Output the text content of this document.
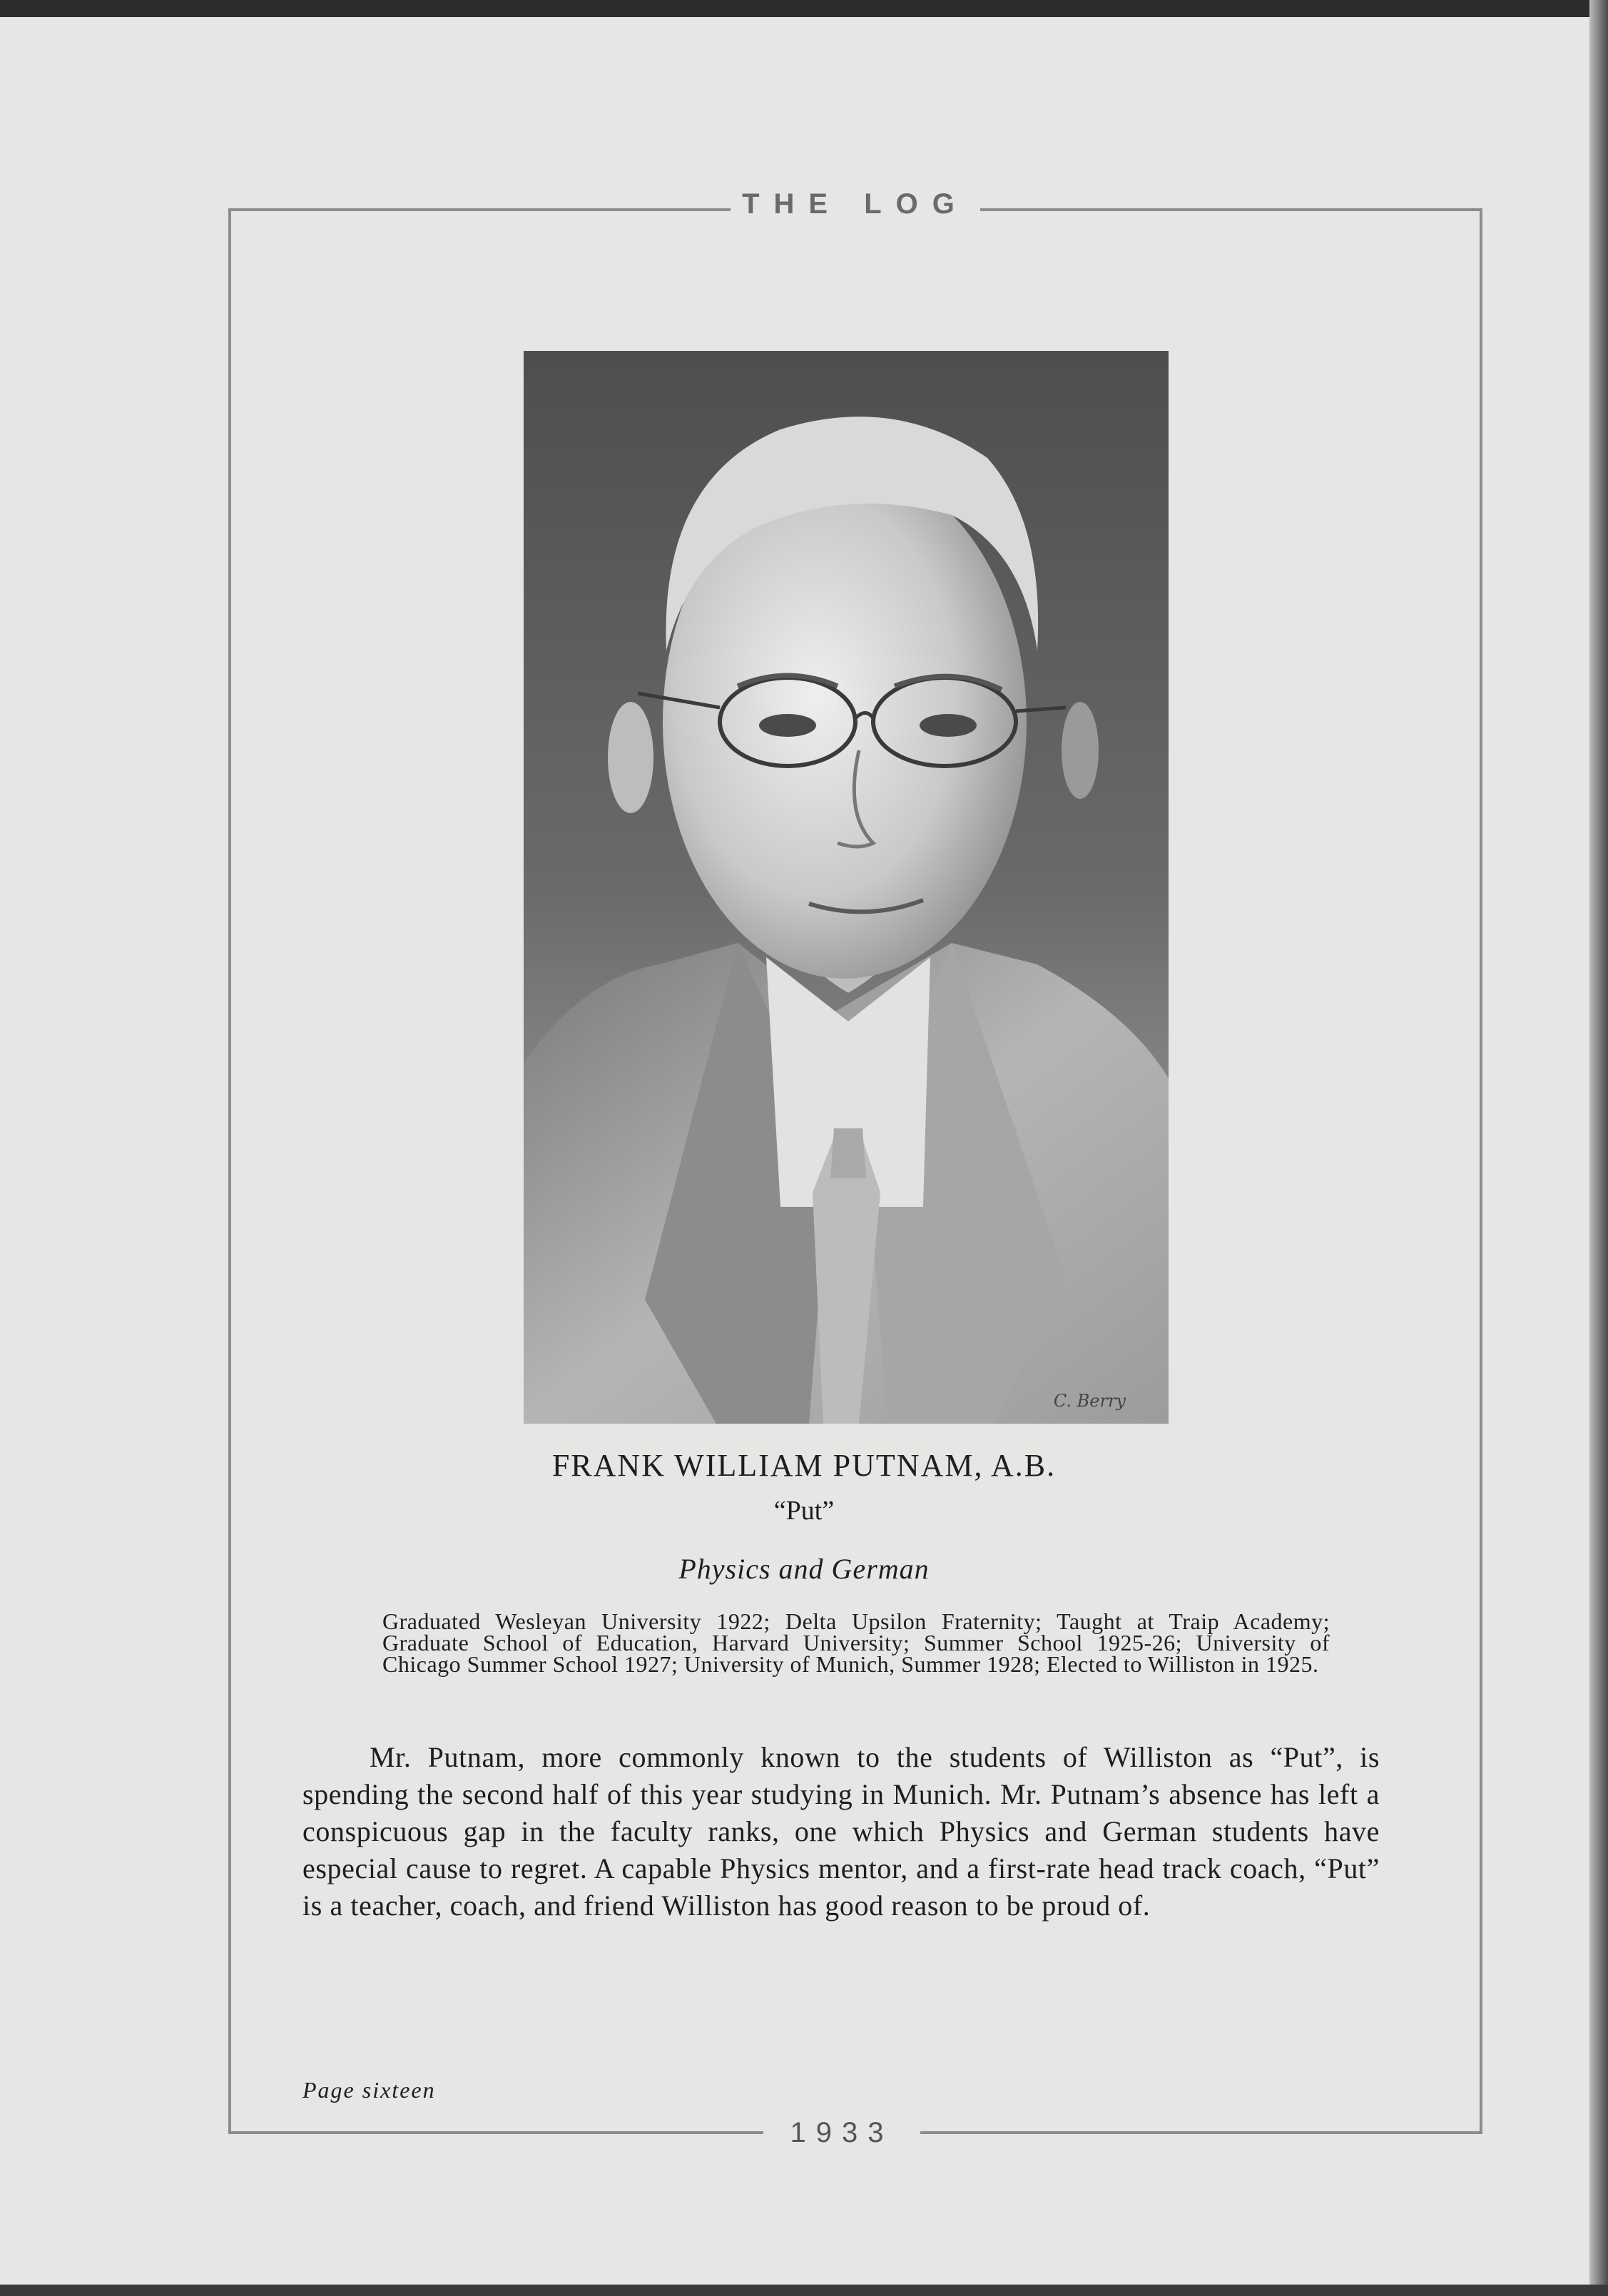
THE LOG
C. Berry
FRANK WILLIAM PUTNAM, A.B.
“Put”
Physics and German
Graduated Wesleyan University 1922; Delta Upsilon Fraternity; Taught at Traip Academy; Graduate School of Education, Harvard University; Summer School 1925-26; University of Chicago Summer School 1927; University of Munich, Summer 1928; Elected to Williston in 1925.

Mr. Putnam, more commonly known to the students of Williston as “Put”, is spending the second half of this year studying in Munich. Mr. Putnam’s absence has left a conspicuous gap in the faculty ranks, one which Physics and German students have especial cause to regret. A capable Physics mentor, and a first-rate head track coach, “Put” is a teacher, coach, and friend Williston has good reason to be proud of.

Page sixteen
1933
